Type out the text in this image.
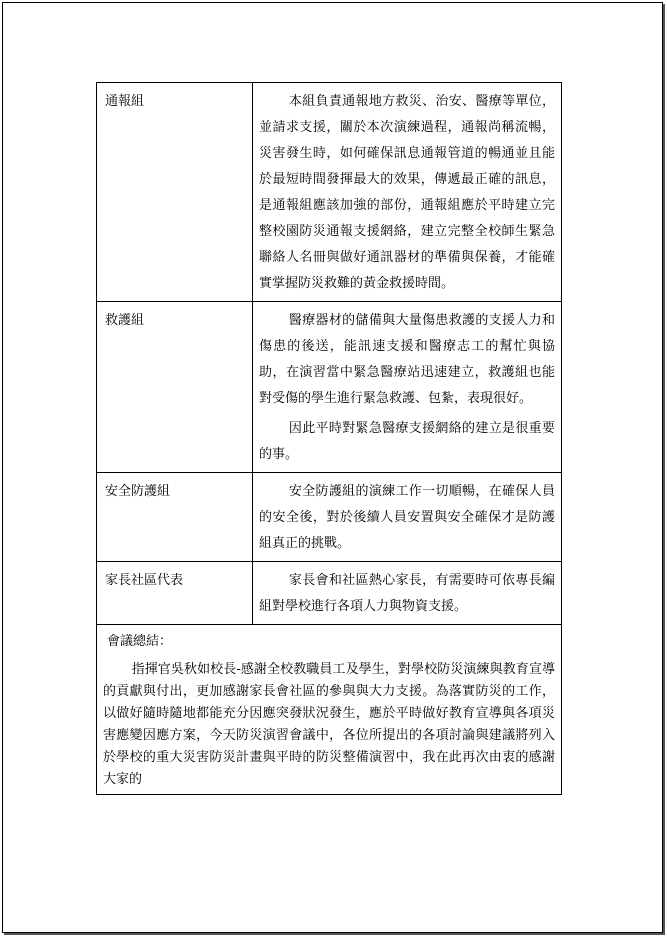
通報組	本組負責通報地方救災、治安、醫療等單位，並請求支援，關於本次演練過程，通報尚稱流暢，災害發生時，如何確保訊息通報管道的暢通並且能於最短時間發揮最大的效果，傳遞最正確的訊息，是通報組應該加強的部份，通報組應於平時建立完整校園防災通報支援網絡，建立完整全校師生緊急聯絡人名冊與做好通訊器材的準備與保養，才能確實掌握防災救難的黃金救援時間。

救護組	醫療器材的儲備與大量傷患救護的支援人力和傷患的後送，能訊速支援和醫療志工的幫忙與協助，在演習當中緊急醫療站迅速建立，救護組也能對受傷的學生進行緊急救護、包紮，表現很好。

因此平時對緊急醫療支援網絡的建立是很重要的事。

安全防護組	安全防護組的演練工作一切順暢，在確保人員的安全後，對於後續人員安置與安全確保才是防護組真正的挑戰。

家長社區代表	家長會和社區熱心家長，有需要時可依專長編組對學校進行各項人力與物資支援。

會議總結：

指揮官吳秋如校長-感謝全校教職員工及學生，對學校防災演練與教育宣導的貢獻與付出，更加感謝家長會社區的參與與大力支援。為落實防災的工作，以做好隨時隨地都能充分因應突發狀況發生，應於平時做好教育宣導與各項災害應變因應方案，今天防災演習會議中，各位所提出的各項討論與建議將列入於學校的重大災害防災計畫與平時的防災整備演習中，我在此再次由衷的感謝大家的	
